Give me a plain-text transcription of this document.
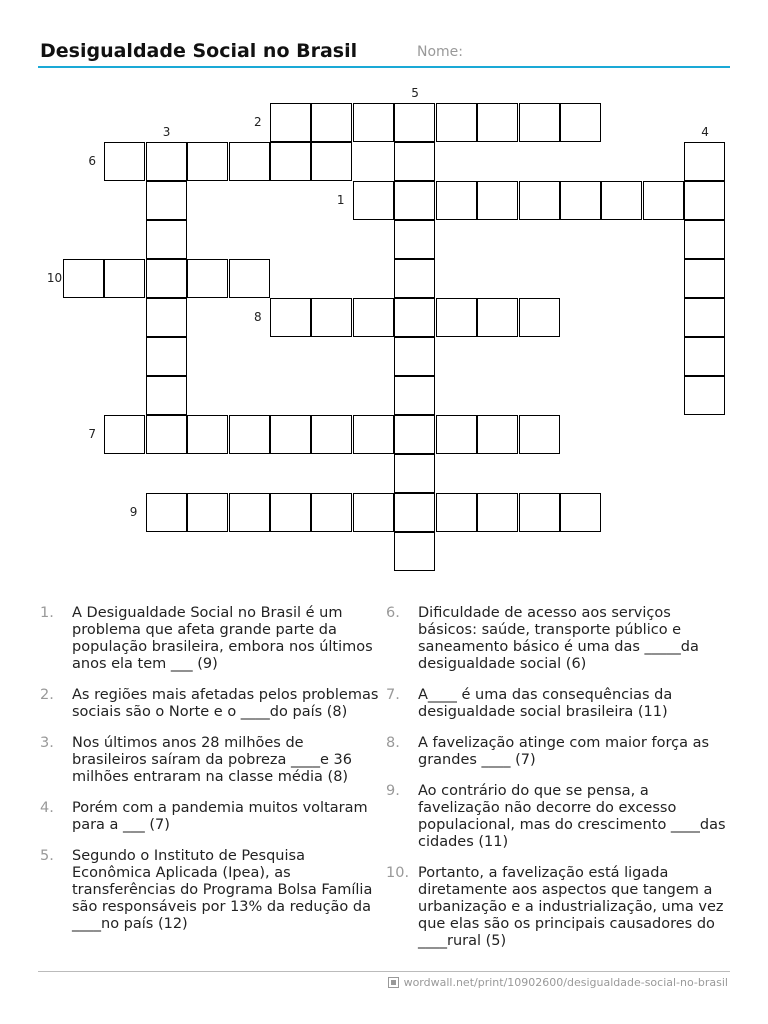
Desigualdade Social no Brasil	Nome:
1
2
3	4
5
6
7
8
9
10
1.	A Desigualdade Social no Brasil é um problema que afeta grande parte da população brasileira, embora nos últimos anos ela tem ___ (9)
2.	As regiões mais afetadas pelos problemas sociais são o Norte e o ____do país (8)
3.	Nos últimos anos 28 milhões de brasileiros saíram da pobreza ____e 36 milhões entraram na classe média (8)
4.	Porém com a pandemia muitos voltaram para a ___ (7)
5.	Segundo o Instituto de Pesquisa Econômica Aplicada (Ipea), as transferências do Programa Bolsa Família são responsáveis por 13% da redução da ____no país (12)
6.	Dificuldade de acesso aos serviços básicos: saúde, transporte público e saneamento básico é uma das _____da desigualdade social (6)
7.	A____ é uma das consequências da desigualdade social brasileira (11)
8.	A favelização atinge com maior força as grandes ____ (7)
9.	Ao contrário do que se pensa, a favelização não decorre do excesso populacional, mas do crescimento ____das cidades (11)
10. Portanto, a favelização está ligada diretamente aos aspectos que tangem a urbanização e a industrialização, uma vez que elas são os principais causadores do ____rural (5)
wordwall.net/print/10902600/desigualdade-social-no-brasil
